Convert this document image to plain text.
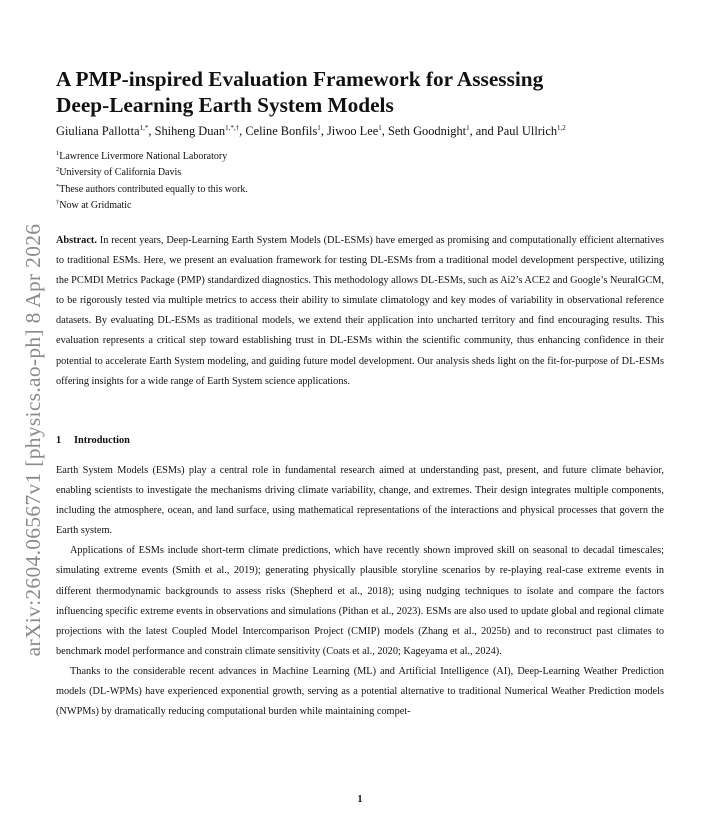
arXiv:2604.06567v1 [physics.ao-ph] 8 Apr 2026
A PMP-inspired Evaluation Framework for Assessing
Deep-Learning Earth System Models
Giuliana Pallotta$^{1,*}$, Shiheng Duan$^{1,*,\dagger}$, Celine Bonfils$^1$, Jiwoo Lee$^1$, Seth Goodnight$^1$, and Paul Ullrich$^{1,2}$
$^1$Lawrence Livermore National Laboratory
$^2$University of California Davis
*These authors contributed equally to this work.
†Now at Gridmatic
Abstract. In recent years, Deep-Learning Earth System Models (DL-ESMs) have emerged as promising and computationally efficient alternatives to traditional ESMs. Here, we present an evaluation framework for testing DL-ESMs from a traditional model development perspective, utilizing the PCMDI Metrics Package (PMP) standardized diagnostics. This methodology allows DL-ESMs, such as Ai2’s ACE2 and Google’s NeuralGCM, to be rigorously tested via multiple metrics to access their ability to simulate climatology and key modes of variability in observational reference datasets. By evaluating DL-ESMs as traditional models, we extend their application into uncharted territory and find encouraging results. This evaluation represents a critical step toward establishing trust in DL-ESMs within the scientific community, thus enhancing confidence in their potential to accelerate Earth System modeling, and guiding future model development. Our analysis sheds light on the fit-for-purpose of DL-ESMs offering insights for a wide range of Earth System science applications.
1 Introduction

Earth System Models (ESMs) play a central role in fundamental research aimed at understanding past, present, and future climate behavior, enabling scientists to investigate the mechanisms driving climate variability, change, and extremes. Their design integrates multiple components, including the atmosphere, ocean, and land surface, using mathematical representations of the interactions and physical processes that govern the Earth system.

Applications of ESMs include short-term climate predictions, which have recently shown improved skill on seasonal to decadal timescales; simulating extreme events (Smith et al., 2019); generating physically plausible storyline scenarios by re-playing real-case extreme events in different thermodynamic backgrounds to assess risks (Shepherd et al., 2018); using nudging techniques to isolate and compare the factors influencing specific extreme events in observations and simulations (Pithan et al., 2023). ESMs are also used to update global and regional climate projections with the latest Coupled Model Intercomparison Project (CMIP) models (Zhang et al., 2025b) and to reconstruct past climates to benchmark model performance and constrain climate sensitivity (Coats et al., 2020; Kageyama et al., 2024).

Thanks to the considerable recent advances in Machine Learning (ML) and Artificial Intelligence (AI), Deep-Learning Weather Prediction models (DL-WPMs) have experienced exponential growth, serving as a potential alternative to traditional Numerical Weather Prediction models (NWPMs) by dramatically reducing computational burden while maintaining compet-

1
